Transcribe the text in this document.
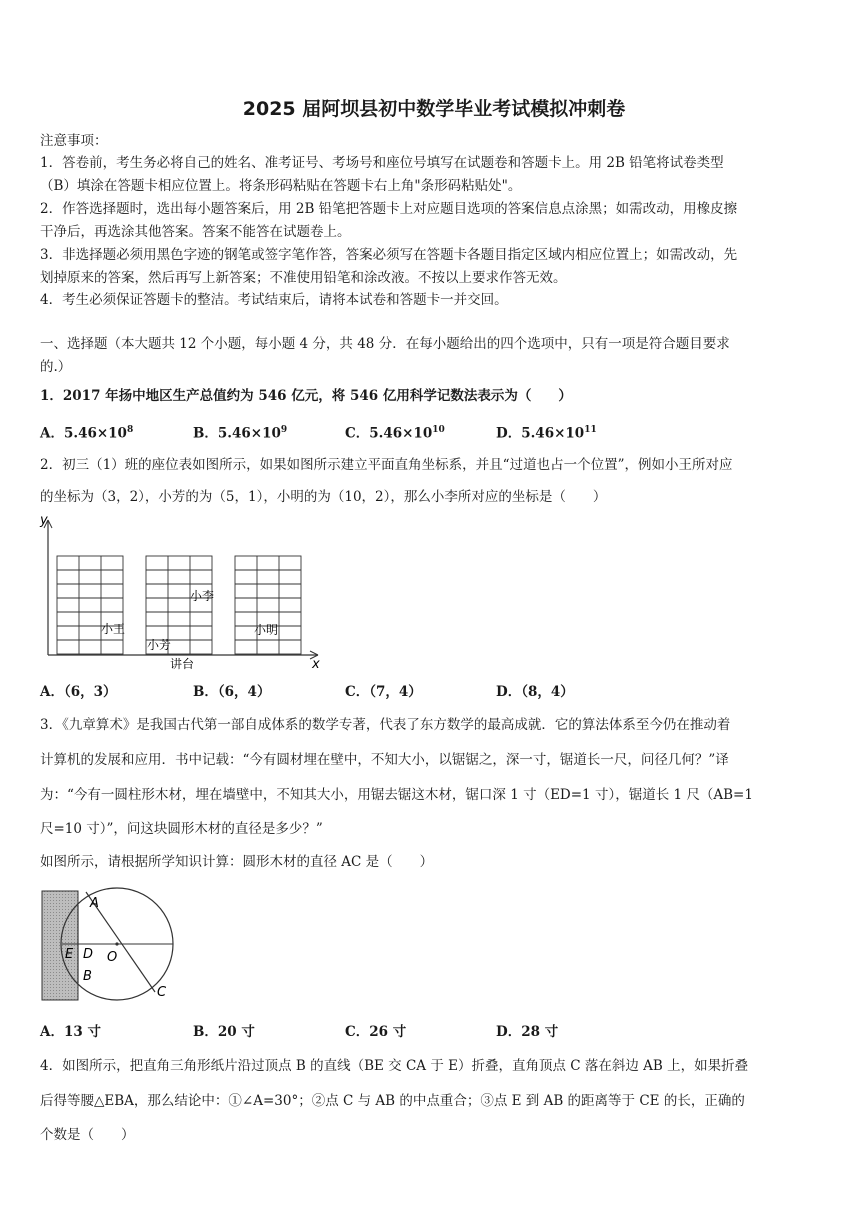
2025 届阿坝县初中数学毕业考试模拟冲刺卷
注意事项：
1．答卷前，考生务必将自己的姓名、准考证号、考场号和座位号填写在试题卷和答题卡上。用 2B 铅笔将试卷类型
（B）填涂在答题卡相应位置上。将条形码粘贴在答题卡右上角"条形码粘贴处"。
2．作答选择题时，选出每小题答案后，用 2B 铅笔把答题卡上对应题目选项的答案信息点涂黑；如需改动，用橡皮擦
干净后，再选涂其他答案。答案不能答在试题卷上。
3．非选择题必须用黑色字迹的钢笔或签字笔作答，答案必须写在答题卡各题目指定区域内相应位置上；如需改动，先
划掉原来的答案，然后再写上新答案；不准使用铅笔和涂改液。不按以上要求作答无效。
4．考生必须保证答题卡的整洁。考试结束后，请将本试卷和答题卡一并交回。
一、选择题（本大题共 12 个小题，每小题 4 分，共 48 分．在每小题给出的四个选项中，只有一项是符合题目要求
的.）
1．2017 年扬中地区生产总值约为 546 亿元，将 546 亿用科学记数法表示为（　　）
A．$5.46\times 10^8$	B．$5.46\times 10^9$	C．$5.46\times 10^{10}$	D．$5.46\times 10^{11}$
2．初三（1）班的座位表如图所示，如果如图所示建立平面直角坐标系，并且“过道也占一个位置”，例如小王所对应
的坐标为（3，2），小芳的为（5，1），小明的为（10，2），那么小李所对应的坐标是（　　）
y
x
小王
小芳
小李
小明
讲台
A．（6，3）	B．（6，4）	C．（7，4）	D．（8，4）
3．《九章算术》是我国古代第一部自成体系的数学专著，代表了东方数学的最高成就．它的算法体系至今仍在推动着
计算机的发展和应用．书中记载：“今有圆材埋在壁中，不知大小，以锯锯之，深一寸，锯道长一尺，问径几何？”译
为：“今有一圆柱形木材，埋在墙壁中，不知其大小，用锯去锯这木材，锯口深 1 寸（ED=1 寸），锯道长 1 尺（AB=1
尺=10 寸）”，问这块圆形木材的直径是多少？”
如图所示，请根据所学知识计算：圆形木材的直径 AC 是（　　）
A
E D O
B
C
A．13 寸	B．20 寸	C．26 寸	D．28 寸
4．如图所示，把直角三角形纸片沿过顶点 B 的直线（BE 交 CA 于 E）折叠，直角顶点 C 落在斜边 AB 上，如果折叠
后得等腰△EBA，那么结论中：①∠A=30°；②点 C 与 AB 的中点重合；③点 E 到 AB 的距离等于 CE 的长，正确的
个数是（　　）
